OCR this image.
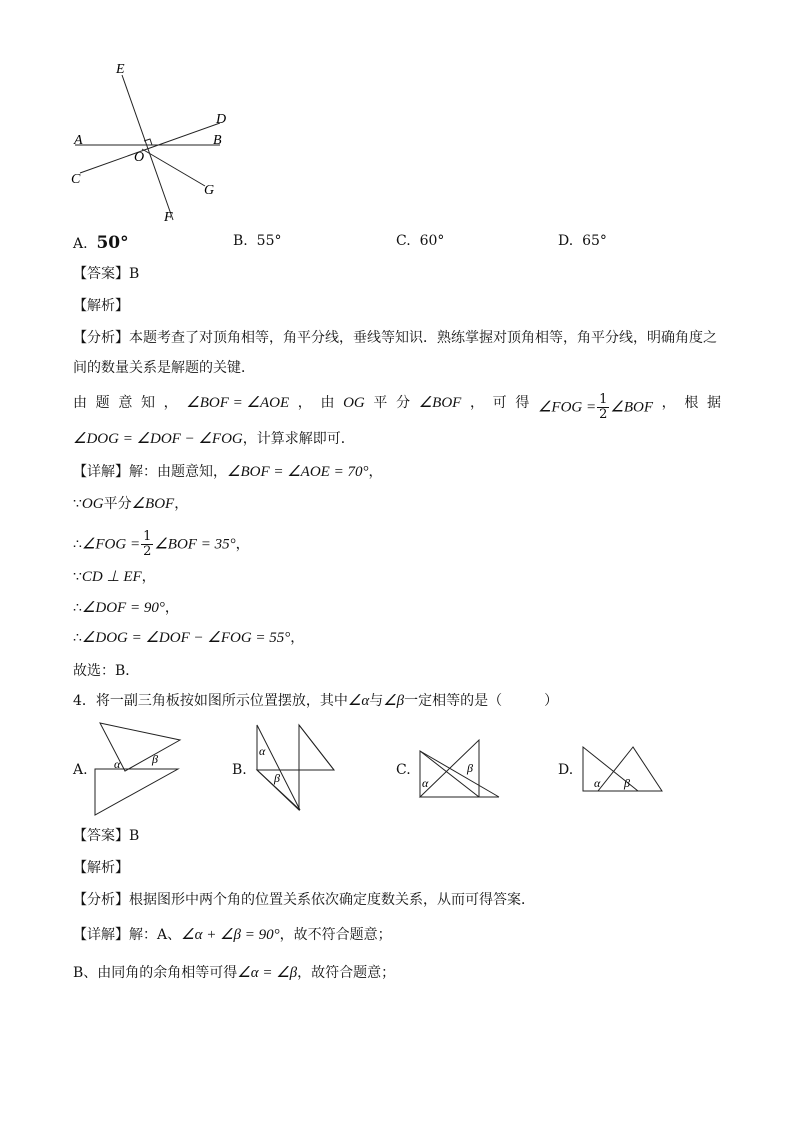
E
D
A	B
O
C
G
F
A. 50°	B. 55°	C. 60°	D. 65°
【答案】B
【解析】
【分析】本题考查了对顶角相等，角平分线，垂线等知识．熟练掌握对顶角相等，角平分线，明确角度之
间的数量关系是解题的关键．
由 题 意 知 ， ∠BOF = ∠AOE ， 由 OG 平 分 ∠BOF ， 可 得 ∠FOG = $\frac{1}{2}$ ∠BOF ， 根 据
∠DOG = ∠DOF − ∠FOG，计算求解即可．
【详解】解：由题意知，∠BOF = ∠AOE = 70°，
∵OG平分∠BOF，
∴∠FOG = $\frac{1}{2}$ ∠BOF = 35°，
∵CD ⊥ EF，
∴∠DOF = 90°，
∴∠DOG = ∠DOF − ∠FOG = 55°，
故选：B．
4．将一副三角板按如图所示位置摆放，其中∠α与∠β一定相等的是（　　　）
A.	B.	C.	D.
α	β
α
β	α
β
α β
【答案】B
【解析】
【分析】根据图形中两个角的位置关系依次确定度数关系，从而可得答案．
【详解】解：A、∠α + ∠β = 90°，故不符合题意；
B、由同角的余角相等可得∠α = ∠β，故符合题意；
